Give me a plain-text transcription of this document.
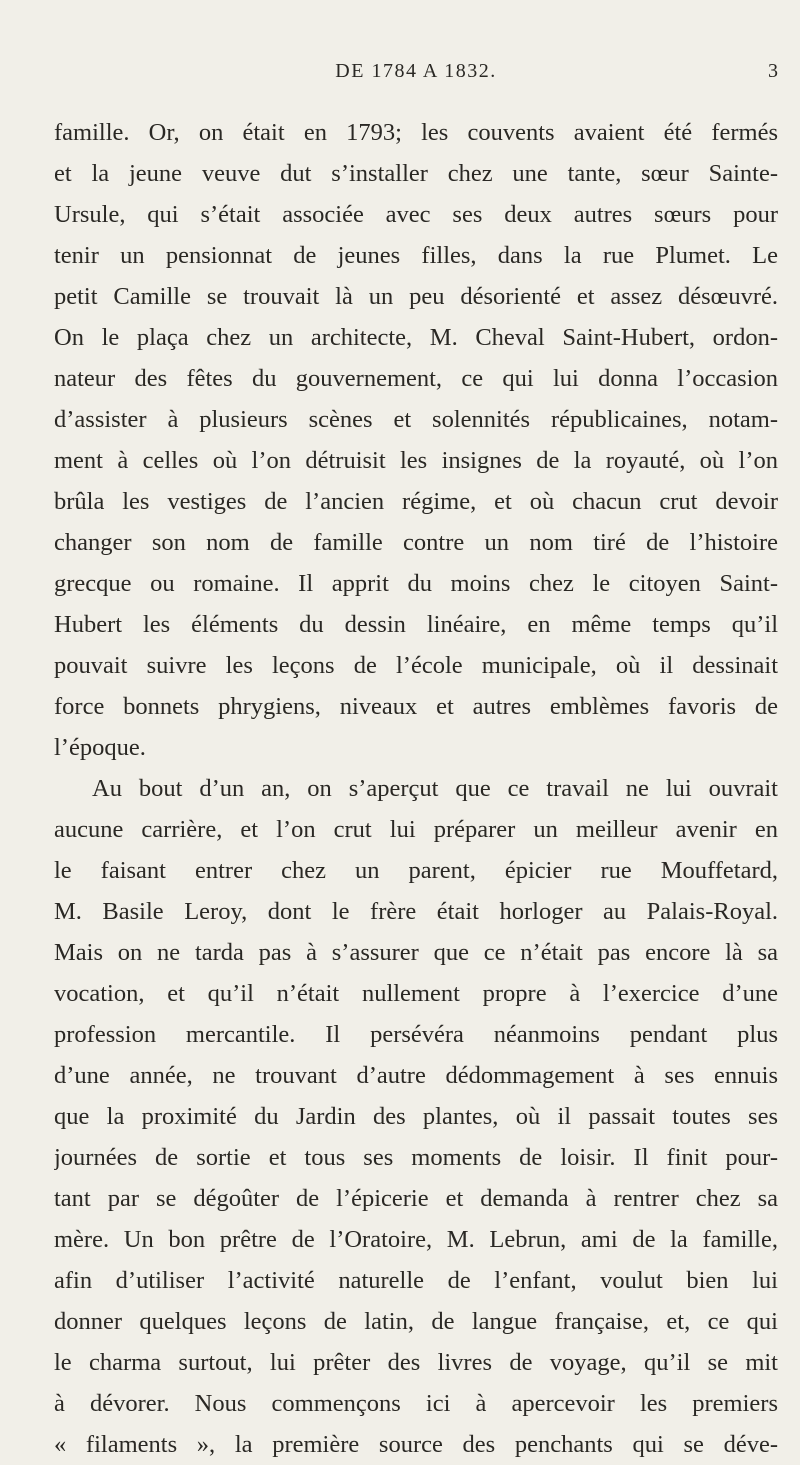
DE 1784 A 1832.	3
famille. Or, on était en 1793; les couvents avaient été fermés
et la jeune veuve dut s’installer chez une tante, sœur Sainte-
Ursule, qui s’était associée avec ses deux autres sœurs pour
tenir un pensionnat de jeunes filles, dans la rue Plumet. Le
petit Camille se trouvait là un peu désorienté et assez désœuvré.
On le plaça chez un architecte, M. Cheval Saint-Hubert, ordon-
nateur des fêtes du gouvernement, ce qui lui donna l’occasion
d’assister à plusieurs scènes et solennités républicaines, notam-
ment à celles où l’on détruisit les insignes de la royauté, où l’on
brûla les vestiges de l’ancien régime, et où chacun crut devoir
changer son nom de famille contre un nom tiré de l’histoire
grecque ou romaine. Il apprit du moins chez le citoyen Saint-
Hubert les éléments du dessin linéaire, en même temps qu’il
pouvait suivre les leçons de l’école municipale, où il dessinait
force bonnets phrygiens, niveaux et autres emblèmes favoris de
l’époque.
Au bout d’un an, on s’aperçut que ce travail ne lui ouvrait
aucune carrière, et l’on crut lui préparer un meilleur avenir en
le faisant entrer chez un parent, épicier rue Mouffetard,
M. Basile Leroy, dont le frère était horloger au Palais-Royal.
Mais on ne tarda pas à s’assurer que ce n’était pas encore là sa
vocation, et qu’il n’était nullement propre à l’exercice d’une
profession mercantile. Il persévéra néanmoins pendant plus
d’une année, ne trouvant d’autre dédommagement à ses ennuis
que la proximité du Jardin des plantes, où il passait toutes ses
journées de sortie et tous ses moments de loisir. Il finit pour-
tant par se dégoûter de l’épicerie et demanda à rentrer chez sa
mère. Un bon prêtre de l’Oratoire, M. Lebrun, ami de la famille,
afin d’utiliser l’activité naturelle de l’enfant, voulut bien lui
donner quelques leçons de latin, de langue française, et, ce qui
le charma surtout, lui prêter des livres de voyage, qu’il se mit
à dévorer. Nous commençons ici à apercevoir les premiers
« filaments », la première source des penchants qui se déve-
